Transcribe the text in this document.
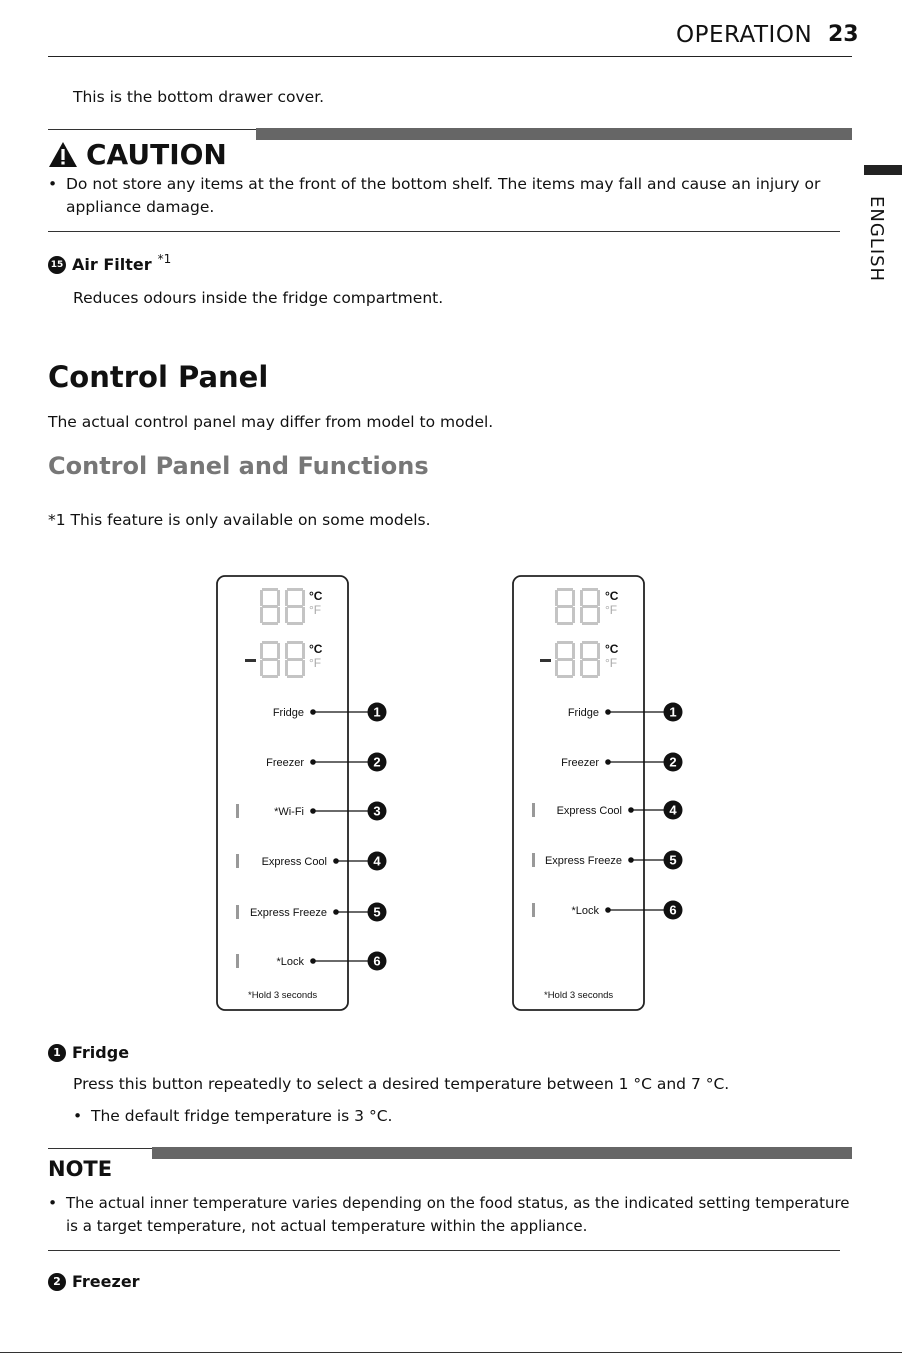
OPERATION 23
ENGLISH
This is the bottom drawer cover.
CAUTION
• Do not store any items at the front of the bottom shelf. The items may fall and cause an injury or appliance damage.
15 Air Filter $^{*1}$
Reduces odours inside the fridge compartment.
Control Panel
The actual control panel may differ from model to model.
Control Panel and Functions
*1 This feature is only available on some models.
°C
°F
°C
°F
Fridge	1
Freezer	2
*Wi-Fi	3
Express Cool	4
Express Freeze	5
*Lock	6
*Hold 3 seconds
°C
°F
°C
°F
Fridge	1
Freezer	2
Express Cool	4
Express Freeze	5
*Lock	6
*Hold 3 seconds
1 Fridge
Press this button repeatedly to select a desired temperature between 1 °C and 7 °C.
• The default fridge temperature is 3 °C.
NOTE
• The actual inner temperature varies depending on the food status, as the indicated setting temperature is a target temperature, not actual temperature within the appliance.
2 Freezer
